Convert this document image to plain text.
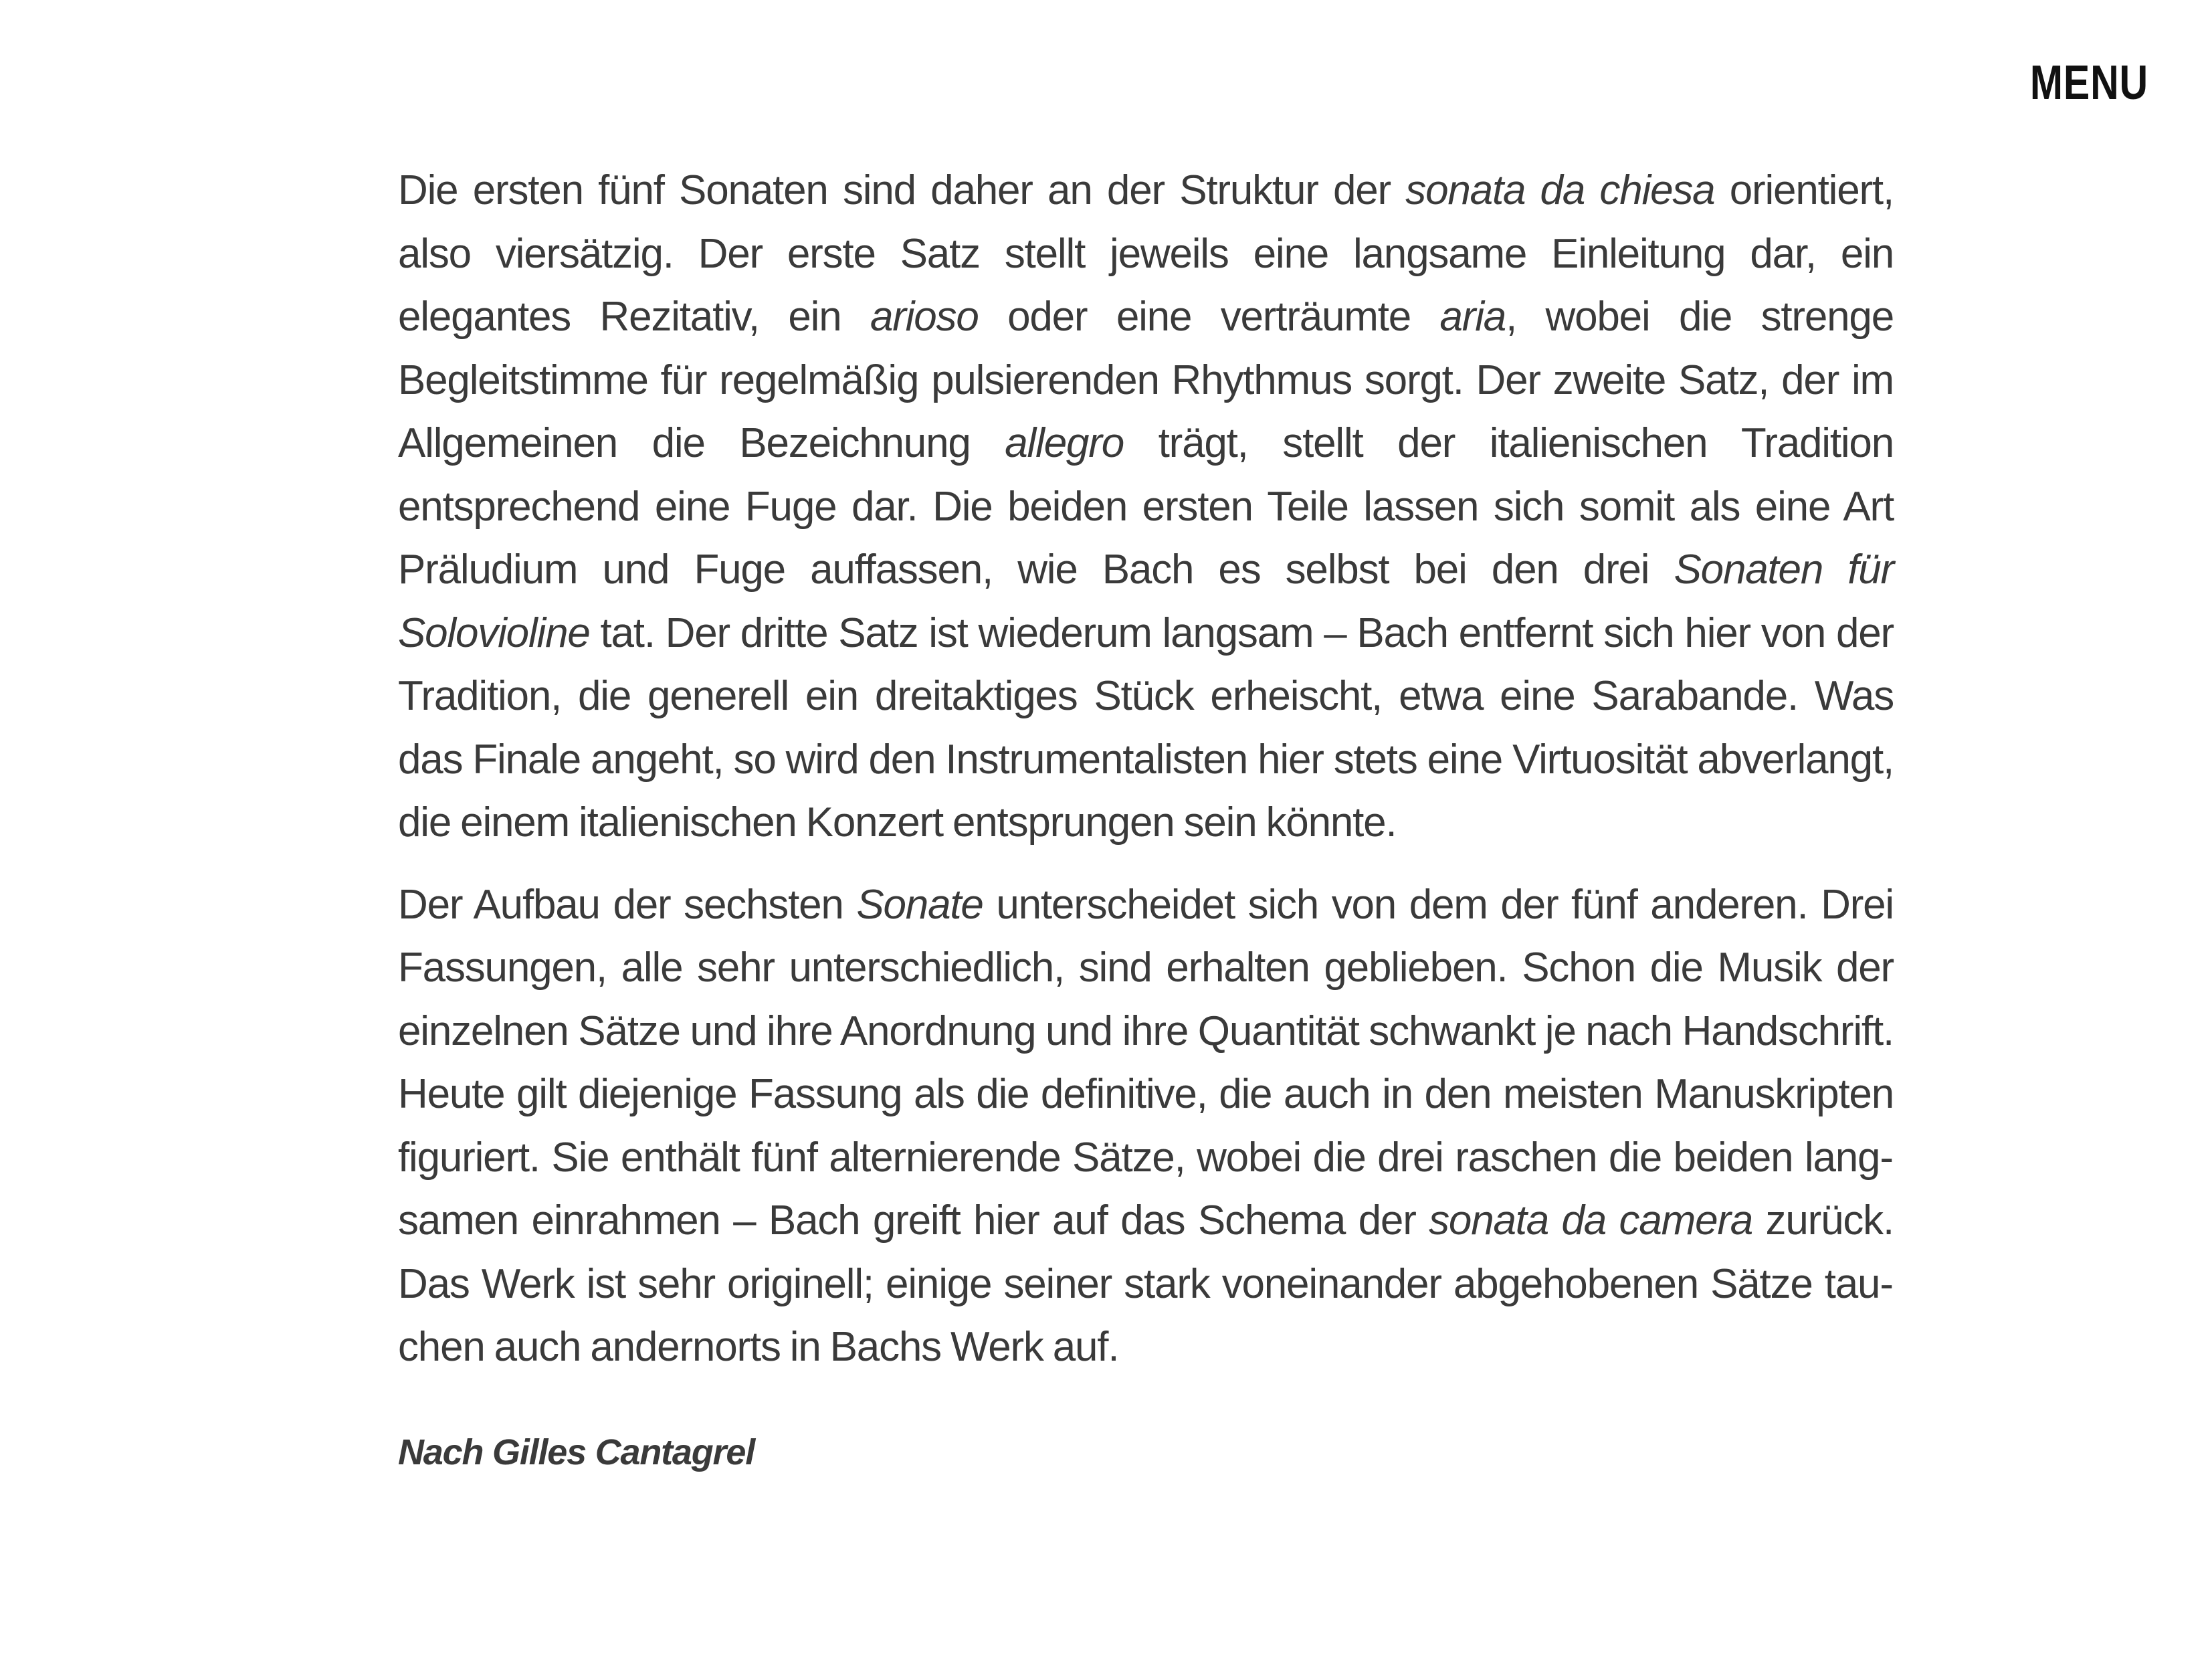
MENU

Die ersten fünf Sonaten sind daher an der Struktur der sonata da chiesa orientiert, also viersätzig. Der erste Satz stellt jeweils eine langsame Einleitung dar, ein elegantes Rezitativ, ein arioso oder eine verträumte aria, wobei die strenge Begleitstimme für regelmäßig pulsierenden Rhythmus sorgt. Der zweite Satz, der im Allgemeinen die Bezeichnung allegro trägt, stellt der italienischen Tradition entsprechend eine Fuge dar. Die beiden ersten Teile lassen sich somit als eine Art Präludium und Fuge auffassen, wie Bach es selbst bei den drei Sonaten für Solovioline tat. Der dritte Satz ist wiederum langsam – Bach entfernt sich hier von der Tradition, die generell ein dreitaktiges Stück erheischt, etwa eine Sarabande. Was das Finale angeht, so wird den Instrumentalisten hier stets eine Virtuosität abverlangt, die einem italienischen Konzert entsprungen sein könnte.

Der Aufbau der sechsten Sonate unterscheidet sich von dem der fünf anderen. Drei Fassungen, alle sehr unterschiedlich, sind erhalten geblieben. Schon die Musik der einzelnen Sätze und ihre Anordnung und ihre Quantität schwankt je nach Handschrift. Heute gilt diejenige Fassung als die definitive, die auch in den meisten Manuskripten figuriert. Sie enthält fünf alternierende Sätze, wobei die drei raschen die beiden langsamen einrahmen – Bach greift hier auf das Schema der sonata da camera zurück. Das Werk ist sehr originell; einige seiner stark voneinander abgehobenen Sätze tauchen auch andernorts in Bachs Werk auf.

Nach Gilles Cantagrel
